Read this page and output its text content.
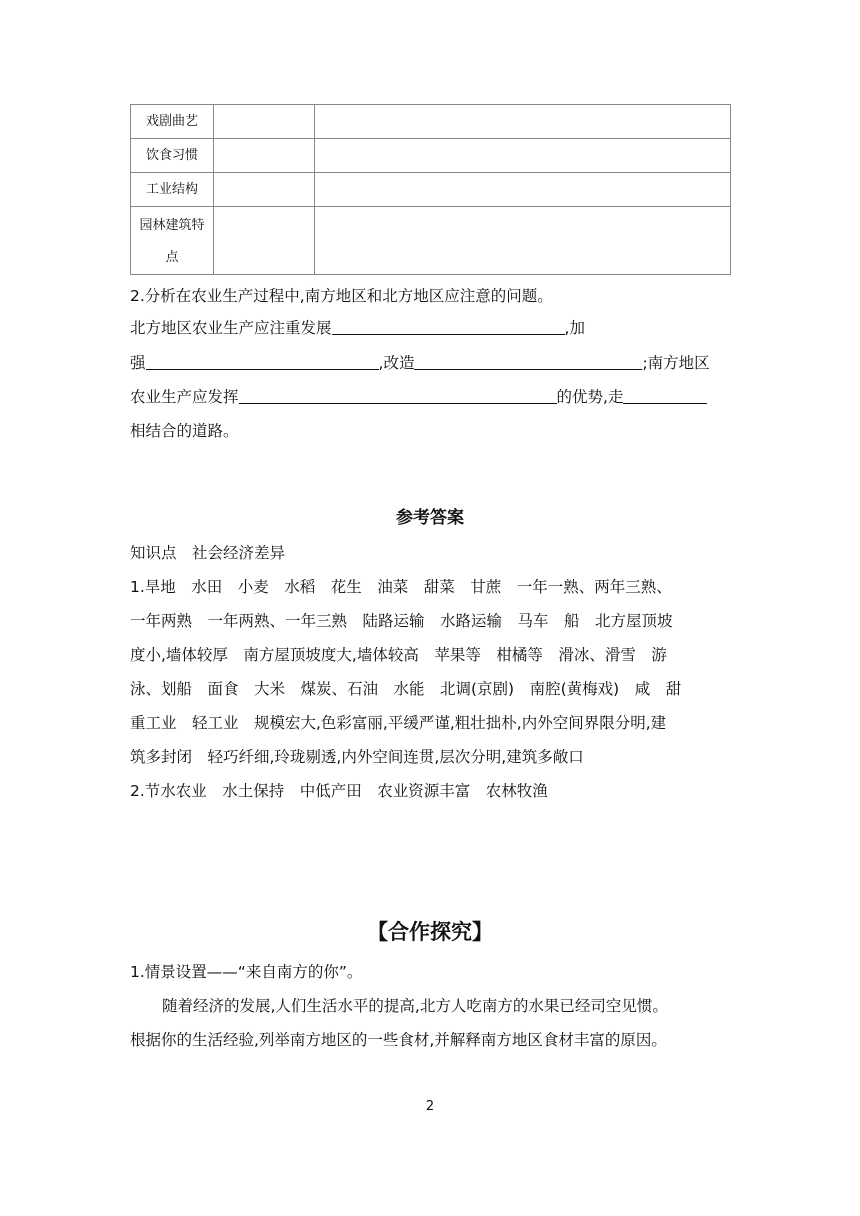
戏剧曲艺		
饮食习惯		
工业结构		

园林建筑特
点		

2.分析在农业生产过程中,南方地区和北方地区应注意的问题。
北方地区农业生产应注重发展	,加
强	,改造	;南方地区
农业生产应发挥	的优势,走
相结合的道路。
参考答案
知识点　社会经济差异
1.旱地　水田　小麦　水稻　花生　油菜　甜菜　甘蔗　一年一熟、两年三熟、
一年两熟　一年两熟、一年三熟　陆路运输　水路运输　马车　船　北方屋顶坡
度小,墙体较厚　南方屋顶坡度大,墙体较高　苹果等　柑橘等　滑冰、滑雪　游
泳、划船　面食　大米　煤炭、石油　水能　北调(京剧)　南腔(黄梅戏)　咸　甜
重工业　轻工业　规模宏大,色彩富丽,平缓严谨,粗壮拙朴,内外空间界限分明,建
筑多封闭　轻巧纤细,玲珑剔透,内外空间连贯,层次分明,建筑多敞口
2.节水农业　水土保持　中低产田　农业资源丰富　农林牧渔
【合作探究】
1.情景设置——“来自南方的你”。
随着经济的发展,人们生活水平的提高,北方人吃南方的水果已经司空见惯。
根据你的生活经验,列举南方地区的一些食材,并解释南方地区食材丰富的原因。
2
